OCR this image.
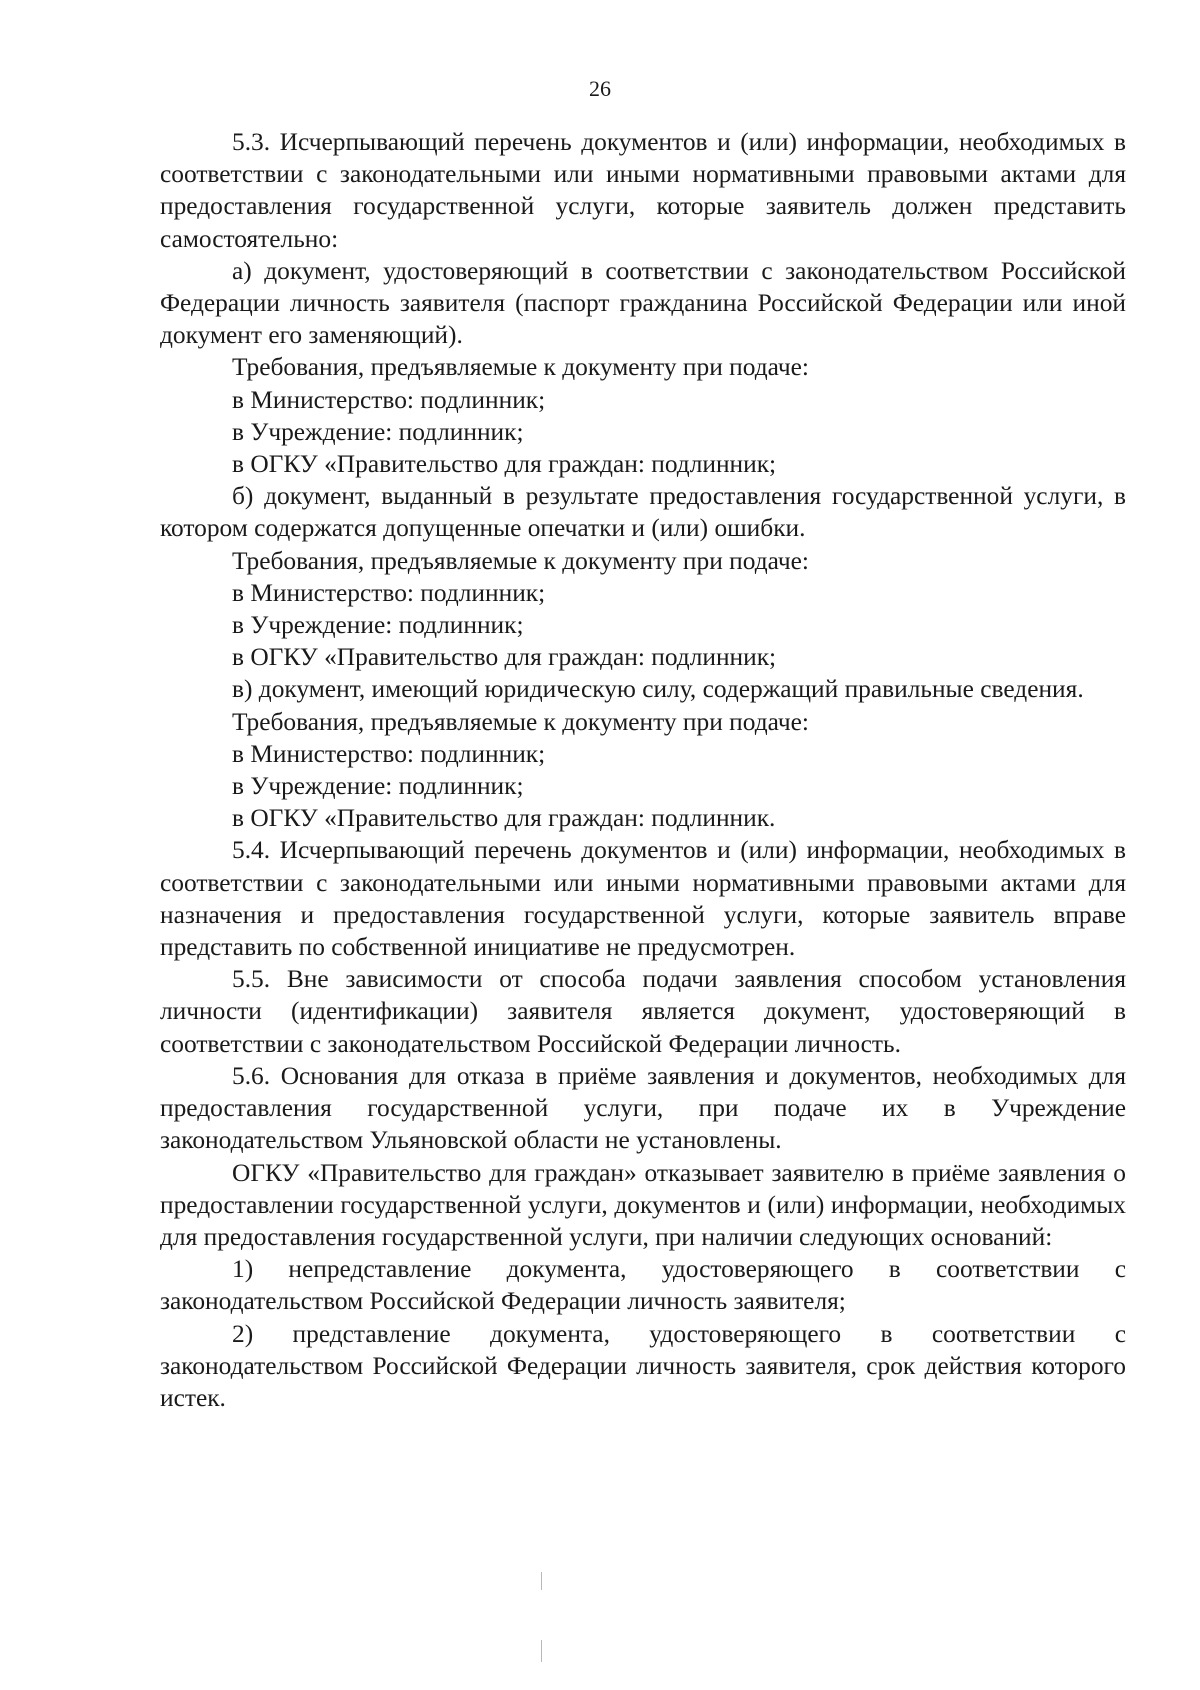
26

5.3. Исчерпывающий перечень документов и (или) информации, необходимых в соответствии с законодательными или иными нормативными правовыми актами для предоставления государственной услуги, которые заявитель должен представить самостоятельно:

а) документ, удостоверяющий в соответствии с законодательством Российской Федерации личность заявителя (паспорт гражданина Российской Федерации или иной документ его заменяющий).

Требования, предъявляемые к документу при подаче:

в Министерство: подлинник;

в Учреждение: подлинник;

в ОГКУ «Правительство для граждан: подлинник;

б) документ, выданный в результате предоставления государственной услуги, в котором содержатся допущенные опечатки и (или) ошибки.

Требования, предъявляемые к документу при подаче:

в Министерство: подлинник;

в Учреждение: подлинник;

в ОГКУ «Правительство для граждан: подлинник;

в) документ, имеющий юридическую силу, содержащий правильные сведения.

Требования, предъявляемые к документу при подаче:

в Министерство: подлинник;

в Учреждение: подлинник;

в ОГКУ «Правительство для граждан: подлинник.

5.4. Исчерпывающий перечень документов и (или) информации, необходимых в соответствии с законодательными или иными нормативными правовыми актами для назначения и предоставления государственной услуги, которые заявитель вправе представить по собственной инициативе не предусмотрен.

5.5. Вне зависимости от способа подачи заявления способом установления личности (идентификации) заявителя является документ, удостоверяющий в соответствии с законодательством Российской Федерации личность.

5.6. Основания для отказа в приёме заявления и документов, необходимых для предоставления государственной услуги, при подаче их в Учреждение законодательством Ульяновской области не установлены.

ОГКУ «Правительство для граждан» отказывает заявителю в приёме заявления о предоставлении государственной услуги, документов и (или) информации, необходимых для предоставления государственной услуги, при наличии следующих оснований:

1) непредставление документа, удостоверяющего в соответствии с законодательством Российской Федерации личность заявителя;

2) представление документа, удостоверяющего в соответствии с законодательством Российской Федерации личность заявителя, срок действия которого истек.
